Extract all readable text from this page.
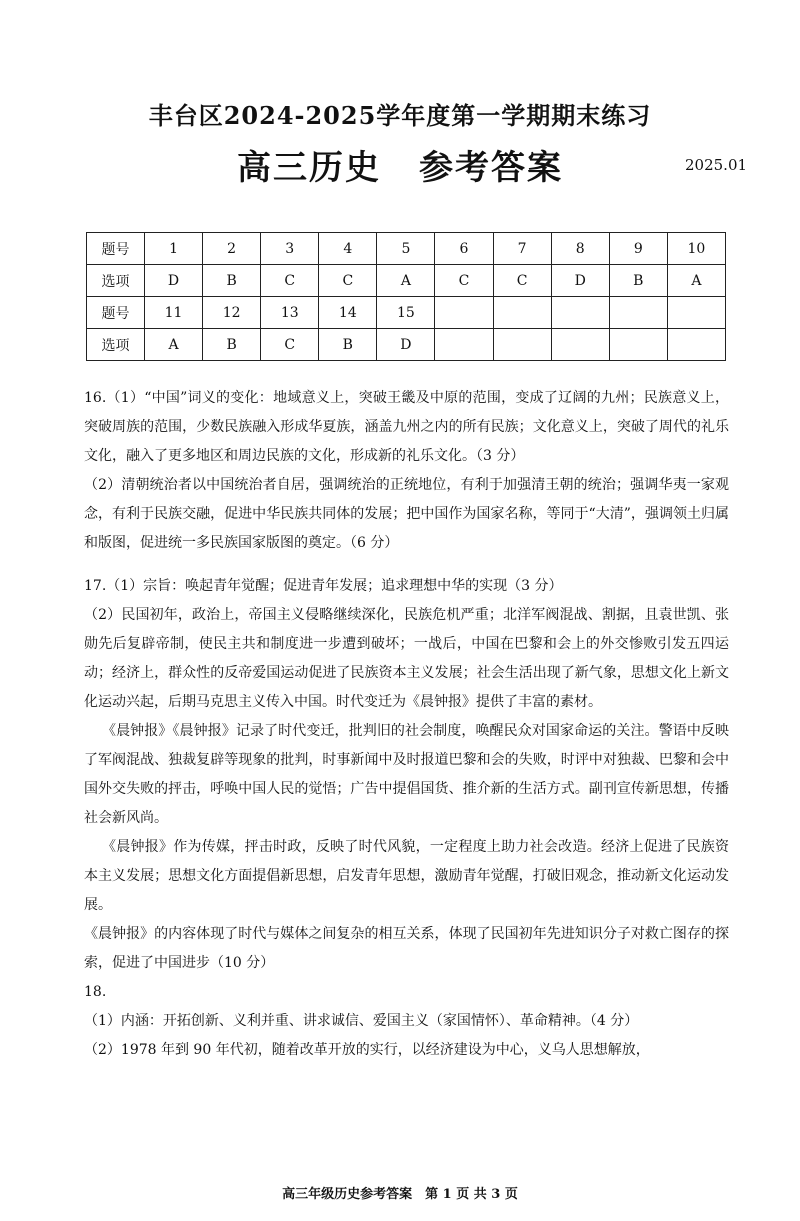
丰台区2024-2025学年度第一学期期末练习
高三历史 参考答案	2025.01
题号	1	2	3	4	5	6	7	8	9	10
选项	D	B	C	C	A	C	C	D	B	A
题号	11	12	13	14	15					
选项	A	B	C	B	D					

16.（1）“中国”词义的变化：地域意义上，突破王畿及中原的范围，变成了辽阔的九州；民族意义上，突破周族的范围，少数民族融入形成华夏族，涵盖九州之内的所有民族；文化意义上，突破了周代的礼乐文化，融入了更多地区和周边民族的文化，形成新的礼乐文化。（3 分）

（2）清朝统治者以中国统治者自居，强调统治的正统地位，有利于加强清王朝的统治；强调华夷一家观念，有利于民族交融，促进中华民族共同体的发展；把中国作为国家名称，等同于“大清”，强调领土归属和版图，促进统一多民族国家版图的奠定。（6 分）

17.（1）宗旨：唤起青年觉醒；促进青年发展；追求理想中华的实现（3 分）

（2）民国初年，政治上，帝国主义侵略继续深化，民族危机严重；北洋军阀混战、割据，且袁世凯、张勋先后复辟帝制，使民主共和制度进一步遭到破坏；一战后，中国在巴黎和会上的外交惨败引发五四运动；经济上，群众性的反帝爱国运动促进了民族资本主义发展；社会生活出现了新气象，思想文化上新文化运动兴起，后期马克思主义传入中国。时代变迁为《晨钟报》提供了丰富的素材。

《晨钟报》《晨钟报》记录了时代变迁，批判旧的社会制度，唤醒民众对国家命运的关注。警语中反映了军阀混战、独裁复辟等现象的批判，时事新闻中及时报道巴黎和会的失败，时评中对独裁、巴黎和会中国外交失败的抨击，呼唤中国人民的觉悟；广告中提倡国货、推介新的生活方式。副刊宣传新思想，传播社会新风尚。

《晨钟报》作为传媒，抨击时政，反映了时代风貌，一定程度上助力社会改造。经济上促进了民族资本主义发展；思想文化方面提倡新思想，启发青年思想，激励青年觉醒，打破旧观念，推动新文化运动发展。

《晨钟报》的内容体现了时代与媒体之间复杂的相互关系，体现了民国初年先进知识分子对救亡图存的探索，促进了中国进步（10 分）

18.

（1）内涵：开拓创新、义利并重、讲求诚信、爱国主义（家国情怀）、革命精神。（4 分）

（2）1978 年到 90 年代初，随着改革开放的实行，以经济建设为中心，义乌人思想解放，

高三年级历史参考答案　第 1 页 共 3 页
